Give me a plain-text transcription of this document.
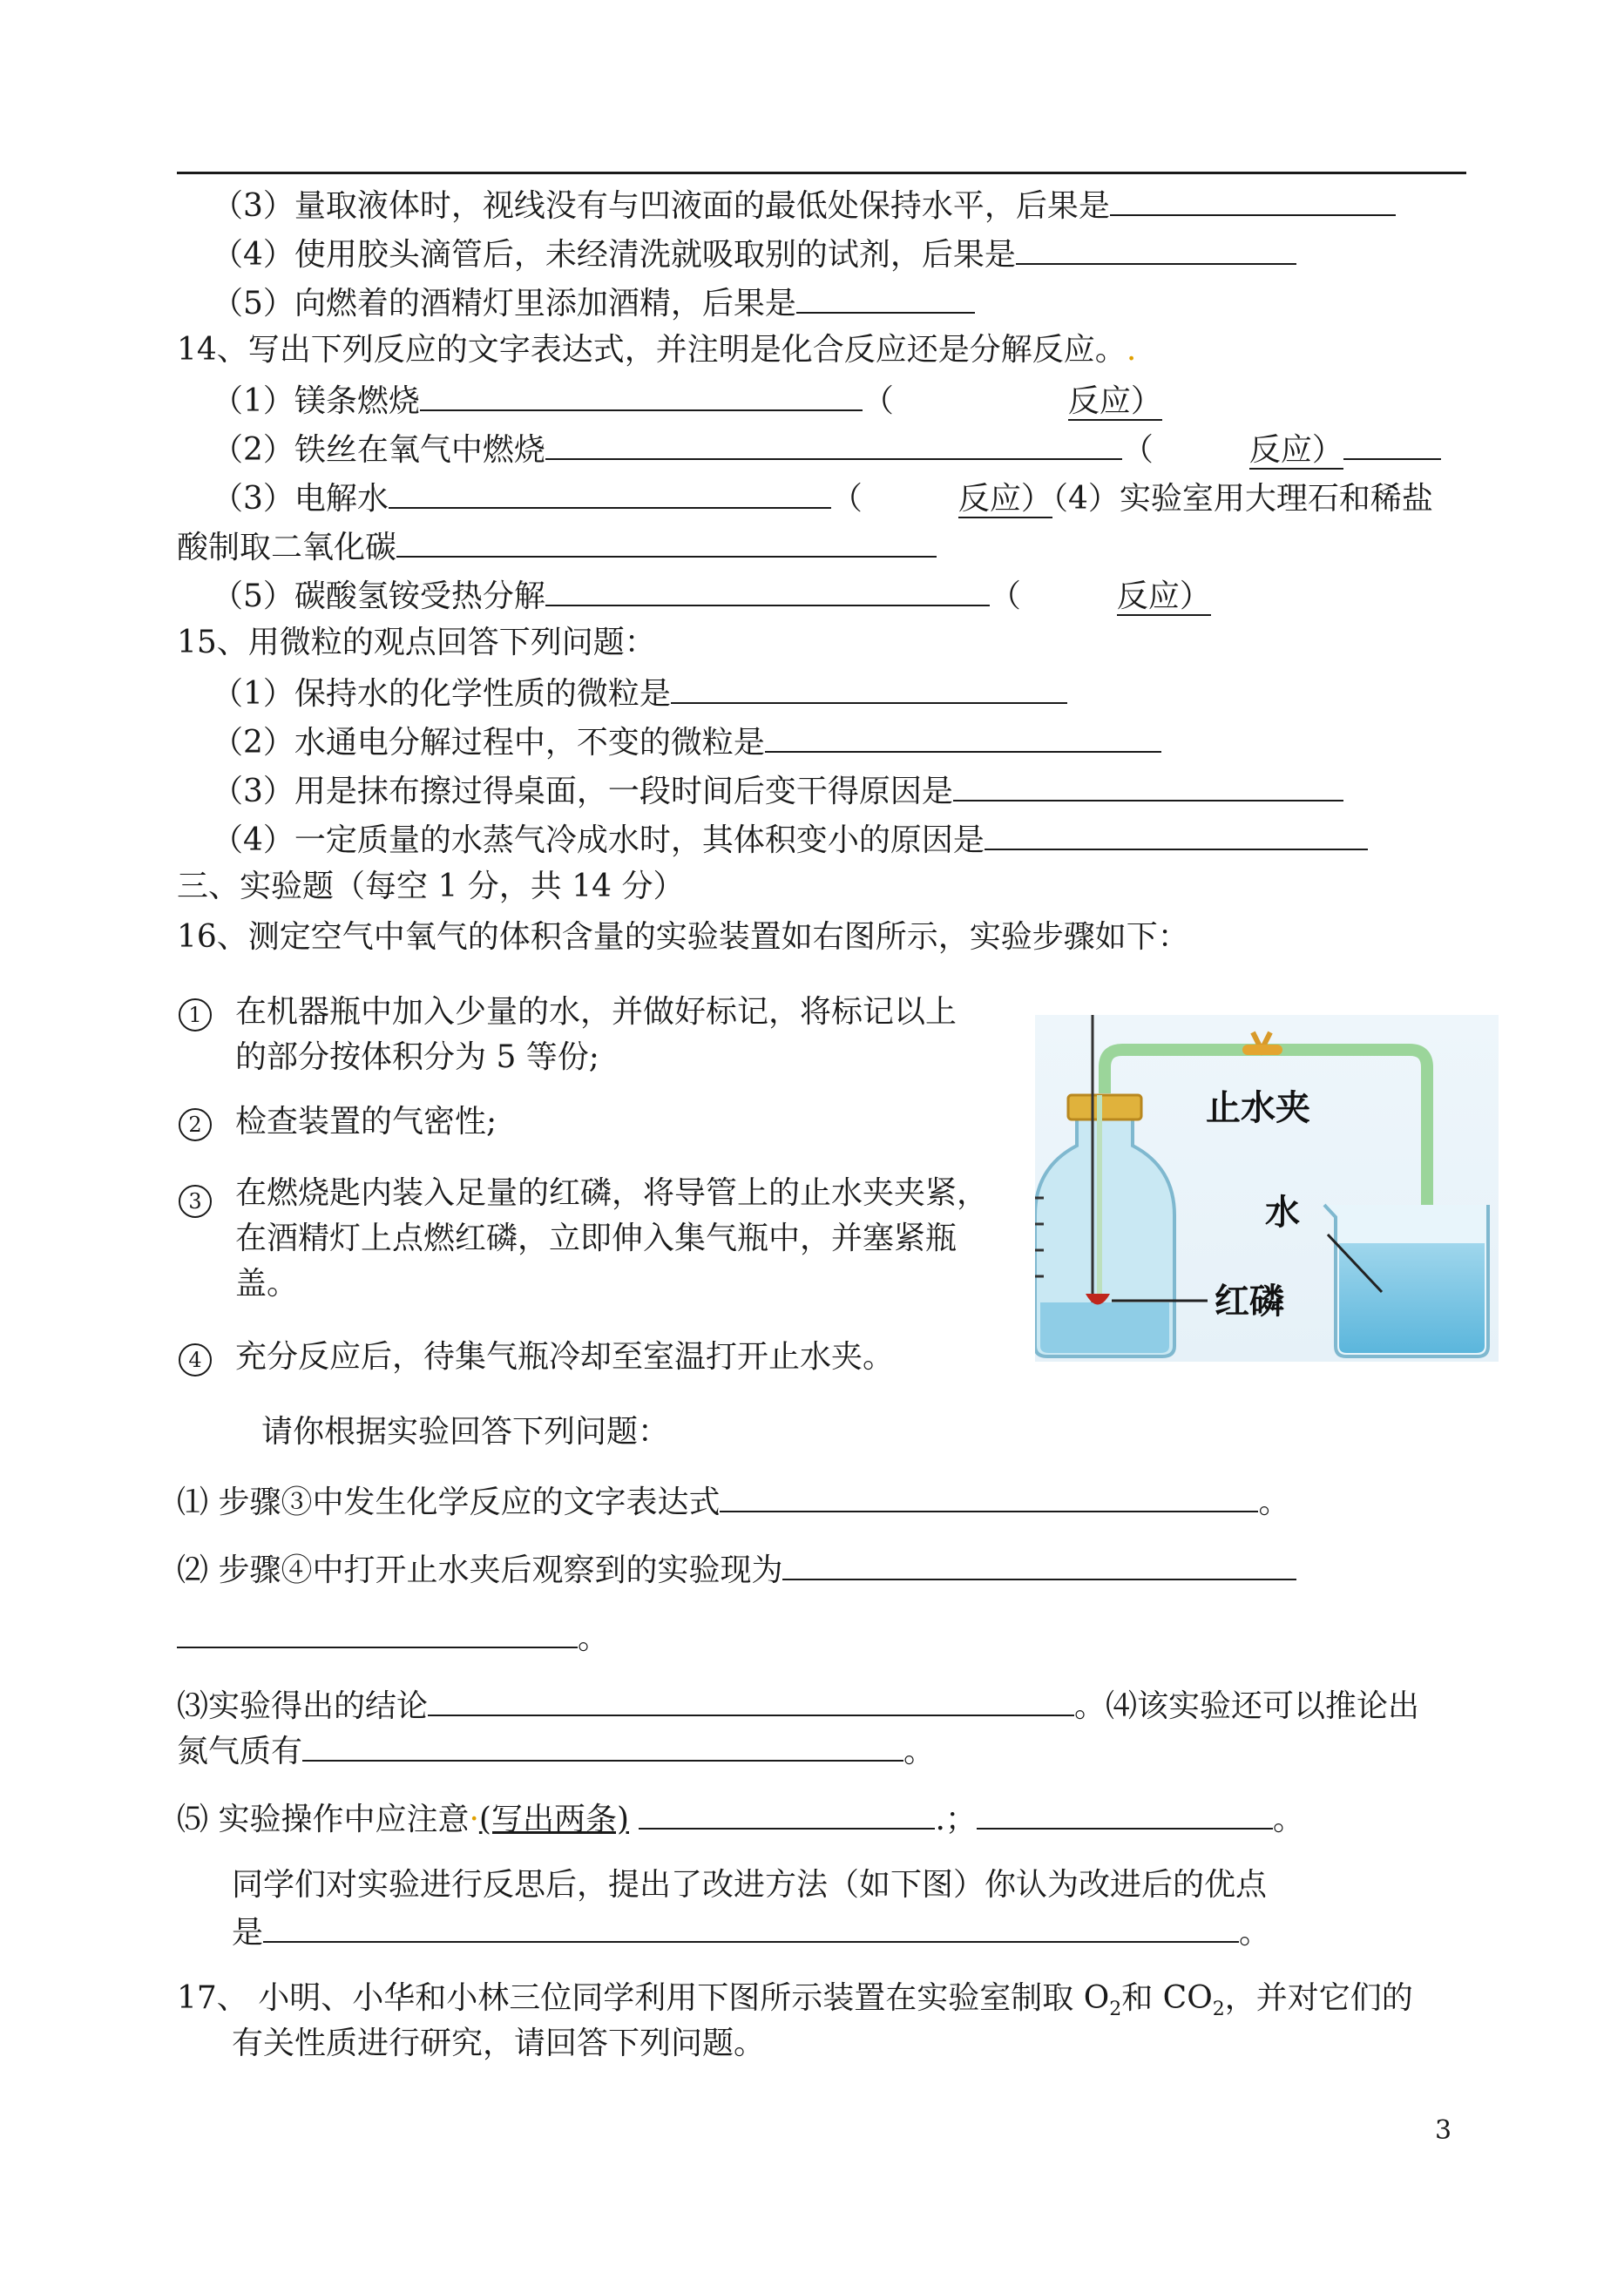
（3）量取液体时，视线没有与凹液面的最低处保持水平，后果是
（4）使用胶头滴管后，未经清洗就吸取别的试剂，后果是
（5）向燃着的酒精灯里添加酒精，后果是
14、写出下列反应的文字表达式，并注明是化合反应还是分解反应。.
（1）镁条燃烧	（	反应）
（2）铁丝在氧气中燃烧	（	反应）
（3）电解水	（	反应）（4）实验室用大理石和稀盐
酸制取二氧化碳
（5）碳酸氢铵受热分解	（	反应）
15、用微粒的观点回答下列问题：
（1）保持水的化学性质的微粒是
（2）水通电分解过程中，不变的微粒是
（3）用是抹布擦过得桌面，一段时间后变干得原因是
（4）一定质量的水蒸气冷成水时，其体积变小的原因是
三、实验题（每空 1 分，共 14 分）
16、测定空气中氧气的体积含量的实验装置如右图所示，实验步骤如下：
1	在机器瓶中加入少量的水，并做好标记，将标记以上
的部分按体积分为 5 等份;
2	检查装置的气密性;
3	在燃烧匙内装入足量的红磷，将导管上的止水夹夹紧，
在酒精灯上点燃红磷，立即伸入集气瓶中，并塞紧瓶
盖。
4	充分反应后，待集气瓶冷却至室温打开止水夹。
止水夹
水
红磷
请你根据实验回答下列问题：
⑴ 步骤③中发生化学反应的文字表达式	。
⑵ 步骤④中打开止水夹后观察到的实验现为
。
⑶实验得出的结论	。⑷该实验还可以推论出
氮气质有	。
⑸ 实验操作中应注意·(写出两条)	.；	。
同学们对实验进行反思后，提出了改进方法（如下图）你认为改进后的优点
是	。
17、 小明、小华和小林三位同学利用下图所示装置在实验室制取 $O_2$和 $CO_2$，并对它们的
有关性质进行研究，请回答下列问题。
3
